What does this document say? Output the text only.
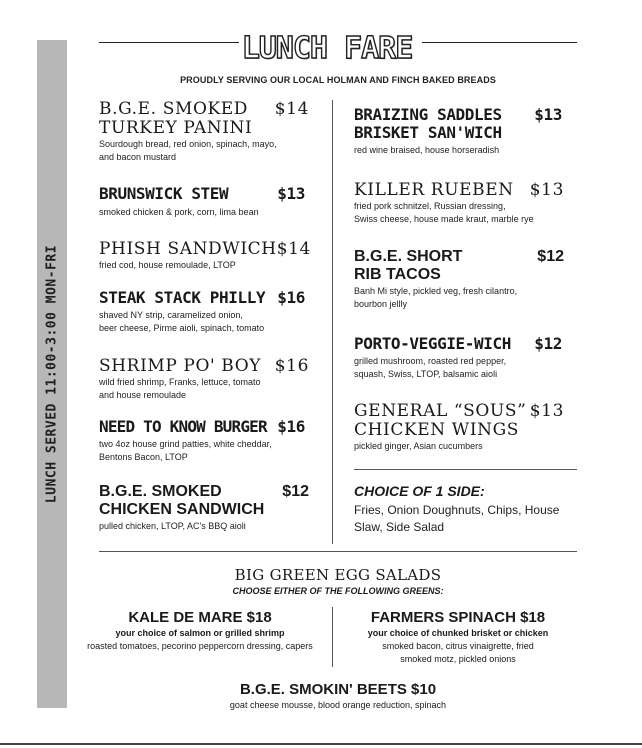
LUNCH SERVED 11:00-3:00 MON-FRI
LUNCH FARE
PROUDLY SERVING OUR LOCAL HOLMAN AND FINCH BAKED BREADS
B.G.E. SMOKED
TURKEY PANINI
$14
Sourdough bread, red onion, spinach, mayo,
and bacon mustard
BRUNSWICK STEW	$13
smoked chicken & pork, corn, lima bean
PHISH SANDWICH $14
fried cod, house remoulade, LTOP
STEAK STACK PHILLY $16
shaved NY strip, caramelized onion,
beer cheese, Pirme aioli, spinach, tomato
SHRIMP PO' BOY $16
wild fried shrimp, Franks, lettuce, tomato
and house remoulade
NEED TO KNOW BURGER $16
two 4oz house grind patties, white cheddar,
Bentons Bacon, LTOP
B.G.E. SMOKED
CHICKEN SANDWICH
$12
pulled chicken, LTOP, AC's BBQ aioli
BRAIZING SADDLES
BRISKET SAN'WICH
$13
red wine braised, house horseradish
KILLER RUEBEN $13
fried pork schnitzel, Russian dressing,
Swiss cheese, house made kraut, marble rye
B.G.E. SHORT
RIB TACOS
$12
Banh Mi style, pickled veg, fresh cilantro,
bourbon jellly
PORTO-VEGGIE-WICH $12
grilled mushroom, roasted red pepper,
squash, Swiss, LTOP, balsamic aioli
GENERAL “SOUS”
CHICKEN WINGS
$13
pickled ginger, Asian cucumbers
CHOICE OF 1 SIDE:
Fries, Onion Doughnuts, Chips, House Slaw, Side Salad
BIG GREEN EGG SALADS
CHOOSE EITHER OF THE FOLLOWING GREENS:
KALE DE MARE $18
your choice of salmon or grilled shrimp
roasted tomatoes, pecorino peppercorn dressing, capers
FARMERS SPINACH $18
your choice of chunked brisket or chicken
smoked bacon, citrus vinaigrette, fried
smoked motz, pickled onions
B.G.E. SMOKIN' BEETS $10
goat cheese mousse, blood orange reduction, spinach
